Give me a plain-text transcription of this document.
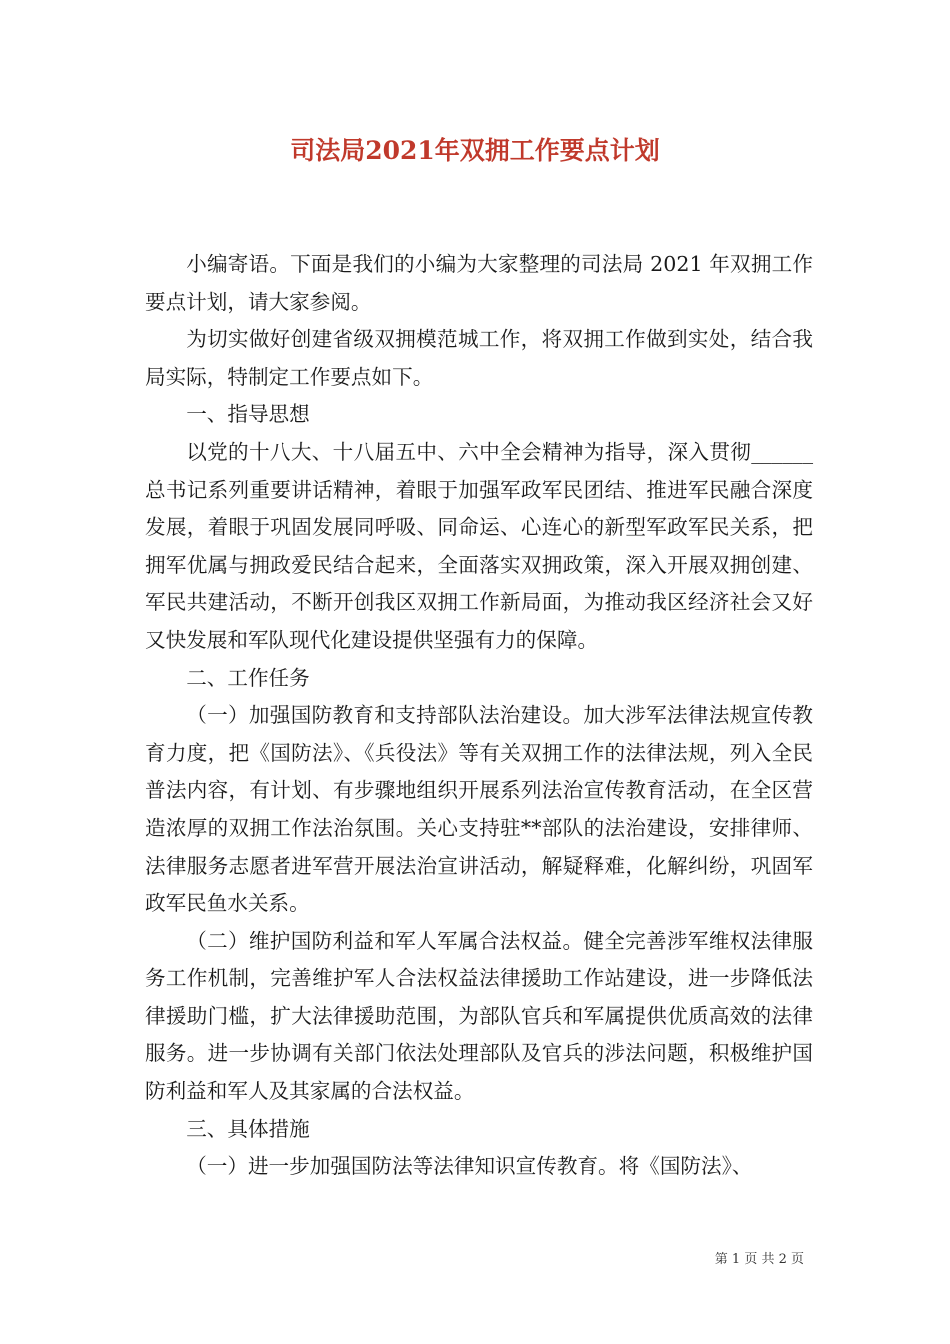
司法局2021年双拥工作要点计划

小编寄语。下面是我们的小编为大家整理的司法局 2021 年双拥工作要点计划，请大家参阅。

为切实做好创建省级双拥模范城工作，将双拥工作做到实处，结合我局实际，特制定工作要点如下。

一、指导思想

以党的十八大、十八届五中、六中全会精神为指导，深入贯彻______总书记系列重要讲话精神，着眼于加强军政军民团结、推进军民融合深度发展，着眼于巩固发展同呼吸、同命运、心连心的新型军政军民关系，把拥军优属与拥政爱民结合起来，全面落实双拥政策，深入开展双拥创建、军民共建活动，不断开创我区双拥工作新局面，为推动我区经济社会又好又快发展和军队现代化建设提供坚强有力的保障。

二、工作任务

（一）加强国防教育和支持部队法治建设。加大涉军法律法规宣传教育力度，把《国防法》、《兵役法》等有关双拥工作的法律法规，列入全民普法内容，有计划、有步骤地组织开展系列法治宣传教育活动，在全区营造浓厚的双拥工作法治氛围。关心支持驻**部队的法治建设，安排律师、法律服务志愿者进军营开展法治宣讲活动，解疑释难，化解纠纷，巩固军政军民鱼水关系。

（二）维护国防利益和军人军属合法权益。健全完善涉军维权法律服务工作机制，完善维护军人合法权益法律援助工作站建设，进一步降低法律援助门槛，扩大法律援助范围，为部队官兵和军属提供优质高效的法律服务。进一步协调有关部门依法处理部队及官兵的涉法问题，积极维护国防利益和军人及其家属的合法权益。

三、具体措施

（一）进一步加强国防法等法律知识宣传教育。将《国防法》、

第 1 页 共 2 页
